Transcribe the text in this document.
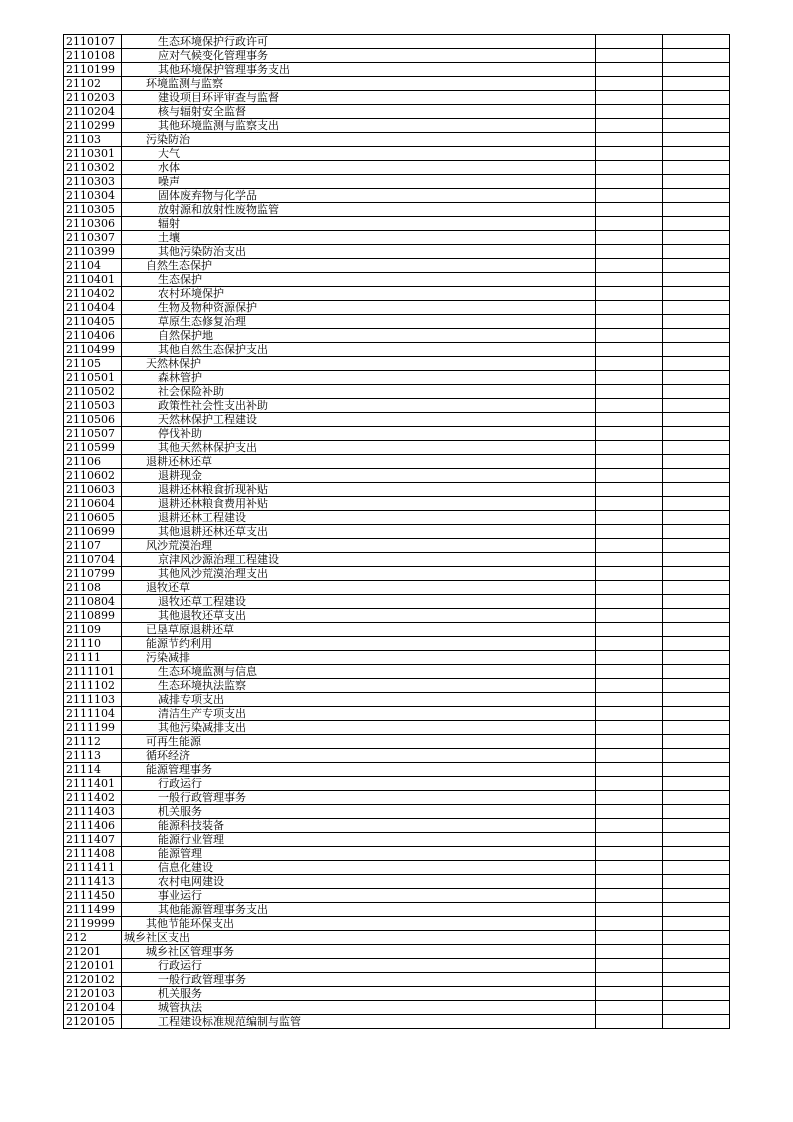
2110107	生态环境保护行政许可		
2110108	应对气候变化管理事务		
2110199	其他环境保护管理事务支出		
21102	环境监测与监察		
2110203	建设项目环评审查与监督		
2110204	核与辐射安全监督		
2110299	其他环境监测与监察支出		
21103	污染防治		
2110301	大气		
2110302	水体		
2110303	噪声		
2110304	固体废弃物与化学品		
2110305	放射源和放射性废物监管		
2110306	辐射		
2110307	土壤		
2110399	其他污染防治支出		
21104	自然生态保护		
2110401	生态保护		
2110402	农村环境保护		
2110404	生物及物种资源保护		
2110405	草原生态修复治理		
2110406	自然保护地		
2110499	其他自然生态保护支出		
21105	天然林保护		
2110501	森林管护		
2110502	社会保险补助		
2110503	政策性社会性支出补助		
2110506	天然林保护工程建设		
2110507	停伐补助		
2110599	其他天然林保护支出		
21106	退耕还林还草		
2110602	退耕现金		
2110603	退耕还林粮食折现补贴		
2110604	退耕还林粮食费用补贴		
2110605	退耕还林工程建设		
2110699	其他退耕还林还草支出		
21107	风沙荒漠治理		
2110704	京津风沙源治理工程建设		
2110799	其他风沙荒漠治理支出		
21108	退牧还草		
2110804	退牧还草工程建设		
2110899	其他退牧还草支出		
21109	已垦草原退耕还草		
21110	能源节约利用		
21111	污染减排		
2111101	生态环境监测与信息		
2111102	生态环境执法监察		
2111103	减排专项支出		
2111104	清洁生产专项支出		
2111199	其他污染减排支出		
21112	可再生能源		
21113	循环经济		
21114	能源管理事务		
2111401	行政运行		
2111402	一般行政管理事务		
2111403	机关服务		
2111406	能源科技装备		
2111407	能源行业管理		
2111408	能源管理		
2111411	信息化建设		
2111413	农村电网建设		
2111450	事业运行		
2111499	其他能源管理事务支出		
2119999	其他节能环保支出		
212	城乡社区支出		
21201	城乡社区管理事务		
2120101	行政运行		
2120102	一般行政管理事务		
2120103	机关服务		
2120104	城管执法		
2120105	工程建设标准规范编制与监管		
